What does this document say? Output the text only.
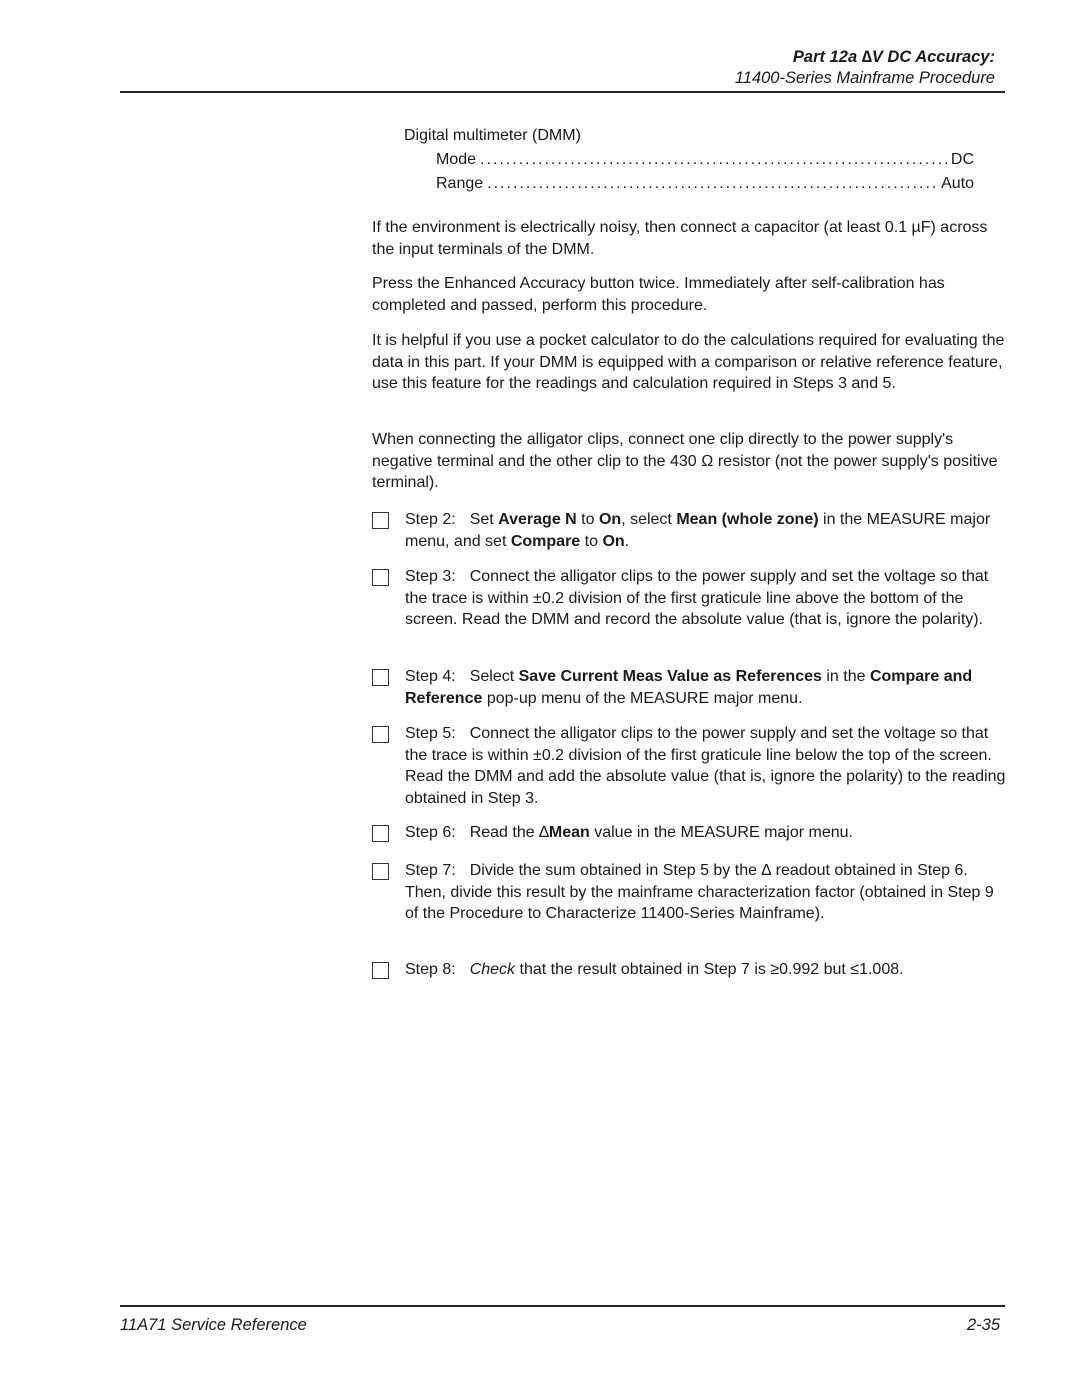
Part 12a ∆V DC Accuracy:
11400-Series Mainframe Procedure
Digital multimeter (DMM)
Mode .....	DC
Range .....	Auto
If the environment is electrically noisy, then connect a capacitor (at least 0.1 µF) across the input terminals of the DMM.
Press the Enhanced Accuracy button twice. Immediately after self-calibration has completed and passed, perform this procedure.
It is helpful if you use a pocket calculator to do the calculations required for evaluating the data in this part. If your DMM is equipped with a comparison or relative reference feature, use this feature for the readings and calculation required in Steps 3 and 5.
When connecting the alligator clips, connect one clip directly to the power supply's negative terminal and the other clip to the 430 Ω resistor (not the power supply's positive terminal).
Step 2: Set Average N to On, select Mean (whole zone) in the MEASURE major menu, and set Compare to On.
Step 3: Connect the alligator clips to the power supply and set the voltage so that the trace is within ±0.2 division of the first graticule line above the bottom of the screen. Read the DMM and record the absolute value (that is, ignore the polarity).
Step 4: Select Save Current Meas Value as References in the Compare and Reference pop-up menu of the MEASURE major menu.
Step 5: Connect the alligator clips to the power supply and set the voltage so that the trace is within ±0.2 division of the first graticule line below the top of the screen. Read the DMM and add the absolute value (that is, ignore the polarity) to the reading obtained in Step 3.
Step 6: Read the ∆Mean value in the MEASURE major menu.
Step 7: Divide the sum obtained in Step 5 by the ∆ readout obtained in Step 6. Then, divide this result by the mainframe characterization factor (obtained in Step 9 of the Procedure to Characterize 11400-Series Mainframe).
Step 8: Check that the result obtained in Step 7 is ≥0.992 but ≤1.008.
11A71 Service Reference	2-35
